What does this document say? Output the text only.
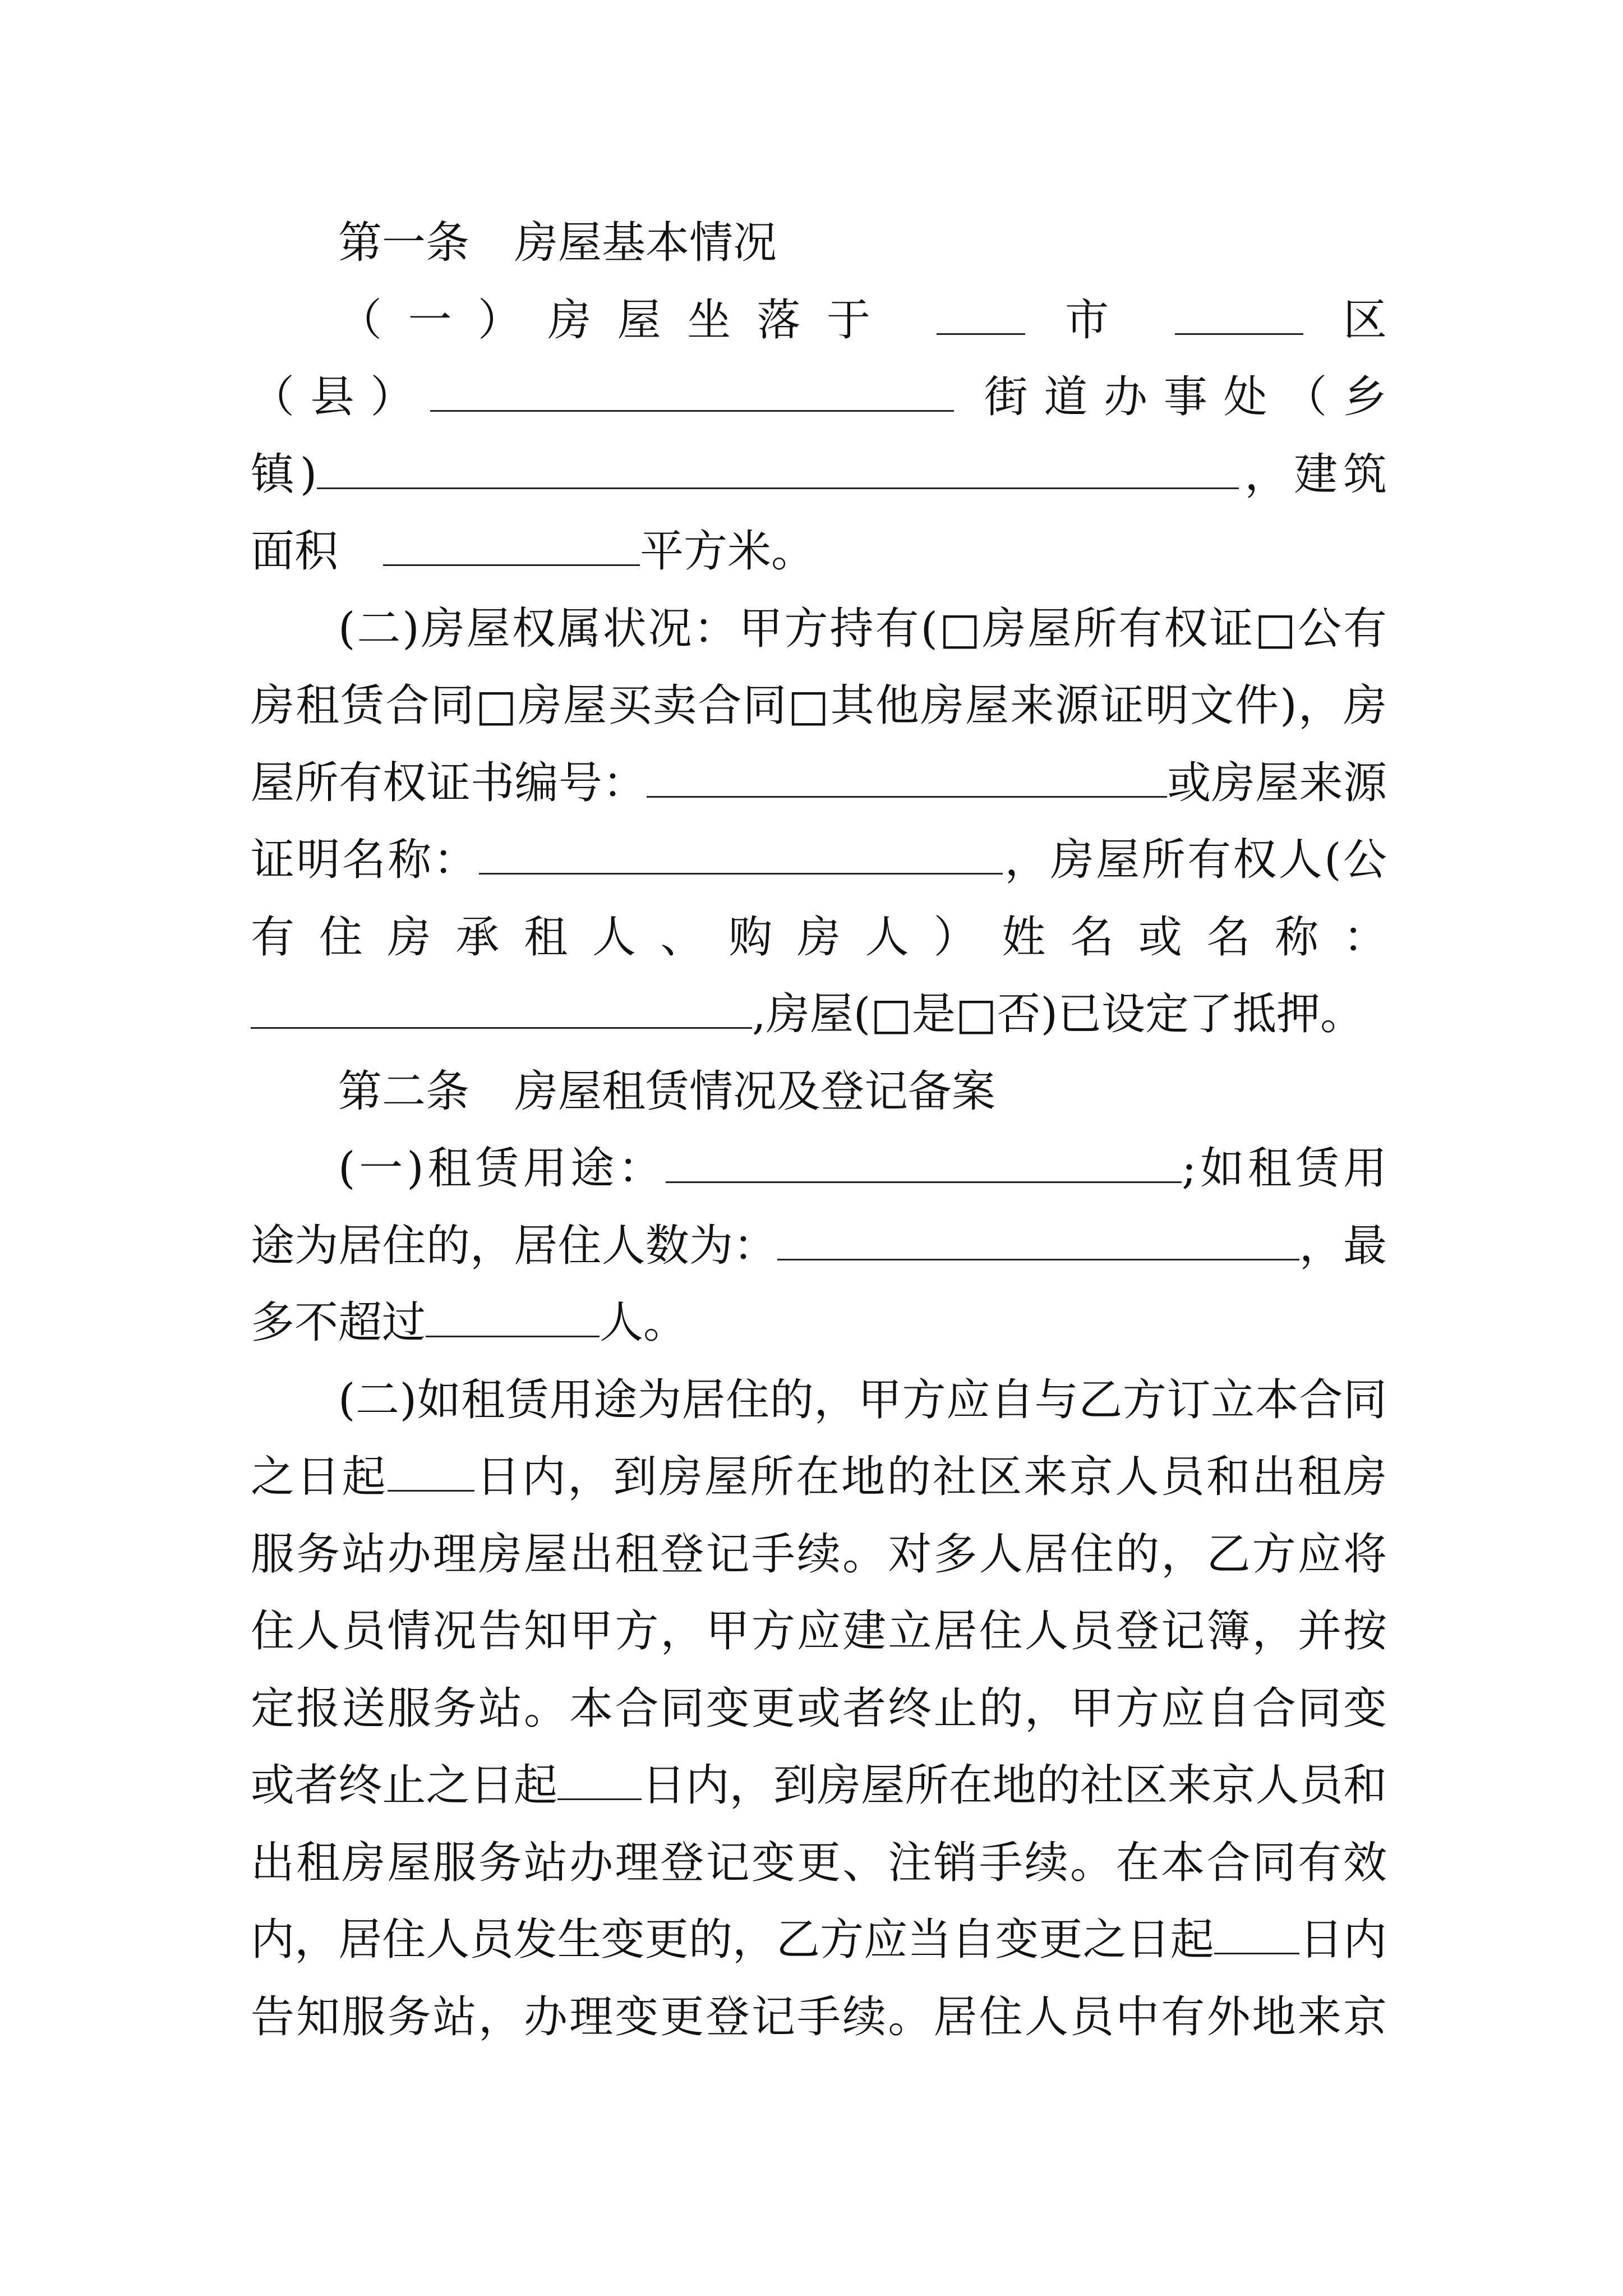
第一条 房屋基本情况
（一）房屋坐落于	市	区
（县）	街道办事处（乡
镇)	，建筑
面积	平方米。
(二)房屋权属状况：甲方持有(□房屋所有权证□公有
房租赁合同□房屋买卖合同□其他房屋来源证明文件)，房
屋所有权证书编号：	或房屋来源
证明名称：	，房屋所有权人(公
有住房承租人、购房人）姓名或名称：
,房屋(□是□否)已设定了抵押。
第二条 房屋租赁情况及登记备案
(一)租赁用途：	;如租赁用
途为居住的，居住人数为：	，最
多不超过	人。
(二)如租赁用途为居住的，甲方应自与乙方订立本合同
之日起 日内，到房屋所在地的社区来京人员和出租房
服务站办理房屋出租登记手续。对多人居住的，乙方应将
住人员情况告知甲方，甲方应建立居住人员登记簿，并按
定报送服务站。本合同变更或者终止的，甲方应自合同变
或者终止之日起 日内，到房屋所在地的社区来京人员和
出租房屋服务站办理登记变更、注销手续。在本合同有效
内，居住人员发生变更的，乙方应当自变更之日起 日内
告知服务站，办理变更登记手续。居住人员中有外地来京
